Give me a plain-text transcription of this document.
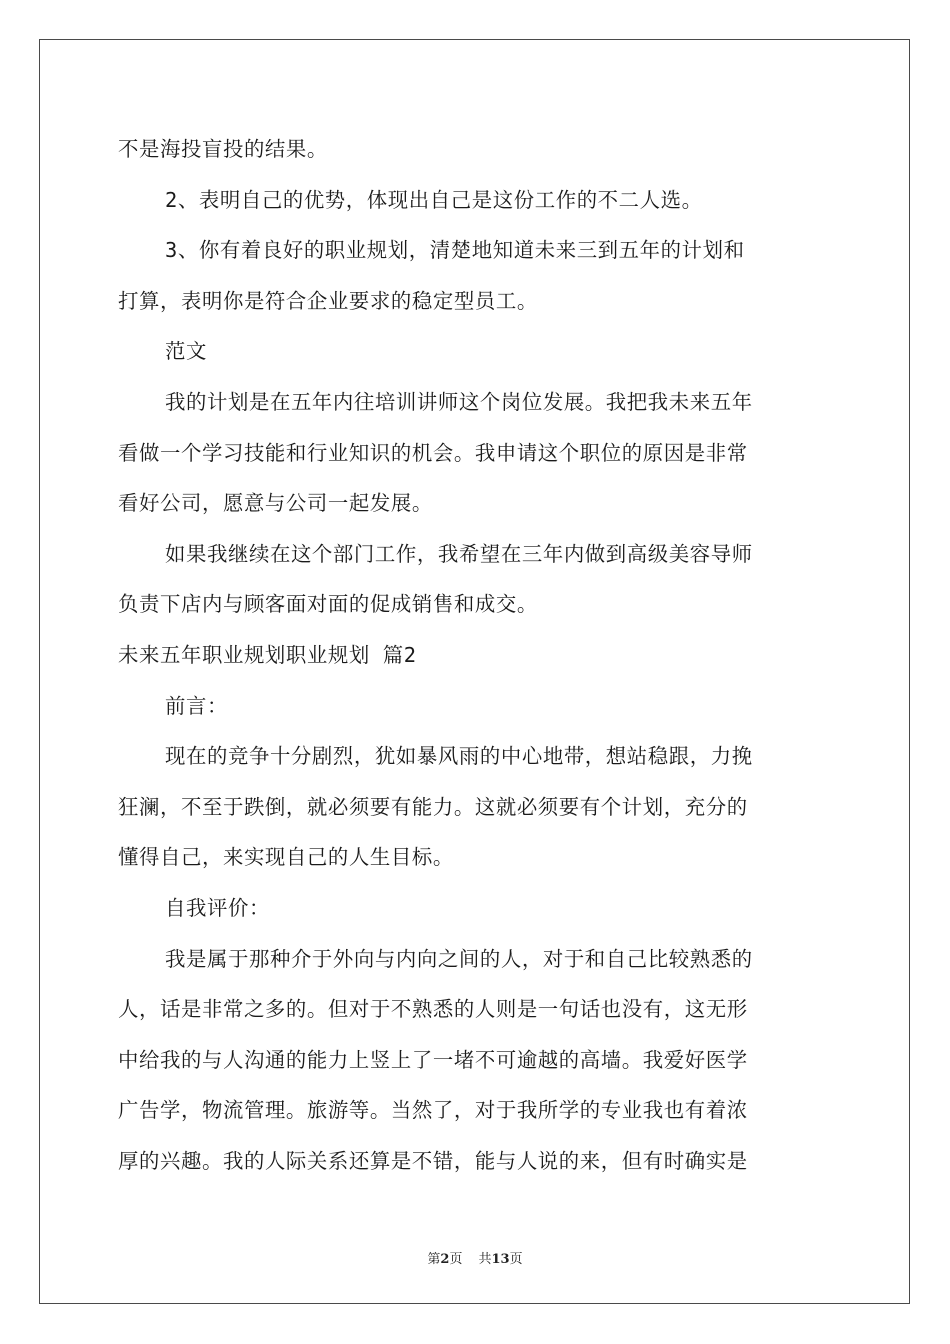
不是海投盲投的结果。
2、表明自己的优势，体现出自己是这份工作的不二人选。
3、你有着良好的职业规划，清楚地知道未来三到五年的计划和
打算，表明你是符合企业要求的稳定型员工。
范文
我的计划是在五年内往培训讲师这个岗位发展。我把我未来五年
看做一个学习技能和行业知识的机会。我申请这个职位的原因是非常
看好公司，愿意与公司一起发展。
如果我继续在这个部门工作，我希望在三年内做到高级美容导师
负责下店内与顾客面对面的促成销售和成交。
未来五年职业规划职业规划 篇2
前言：
现在的竞争十分剧烈，犹如暴风雨的中心地带，想站稳跟，力挽
狂澜，不至于跌倒，就必须要有能力。这就必须要有个计划，充分的
懂得自己，来实现自己的人生目标。
自我评价：
我是属于那种介于外向与内向之间的人，对于和自己比较熟悉的
人，话是非常之多的。但对于不熟悉的人则是一句话也没有，这无形
中给我的与人沟通的能力上竖上了一堵不可逾越的高墙。我爱好医学
广告学，物流管理。旅游等。当然了，对于我所学的专业我也有着浓
厚的兴趣。我的人际关系还算是不错，能与人说的来，但有时确实是
第2页 共13页
